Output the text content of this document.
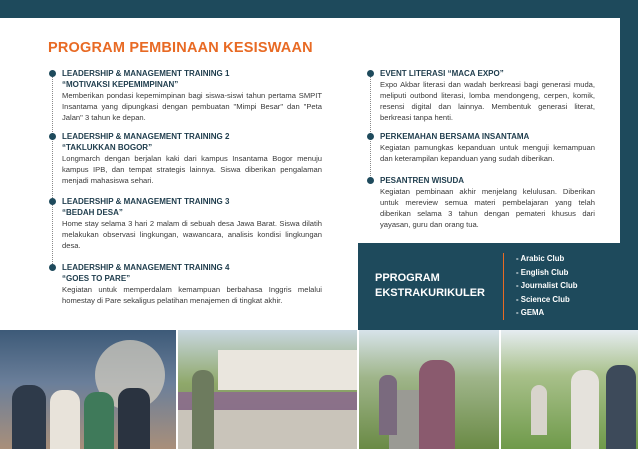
PROGRAM PEMBINAAN KESISWAAN

LEADERSHIP & MANAGEMENT TRAINING 1

“MOTIVAKSI KEPEMIMPINAN”

Memberikan pondasi kepemimpinan bagi siswa-siswi tahun pertama SMPIT Insantama yang dipungkasi dengan pembuatan "Mimpi Besar" dan "Peta Jalan" 3 tahun ke depan.

LEADERSHIP & MANAGEMENT TRAINING 2

“TAKLUKKAN BOGOR”

Longmarch dengan berjalan kaki dari kampus Insantama Bogor menuju kampus IPB, dan tempat strategis lainnya. Siswa diberikan pengalaman menjadi mahasiswa sehari.

LEADERSHIP & MANAGEMENT TRAINING 3

“BEDAH DESA”

Home stay selama 3 hari 2 malam di sebuah desa Jawa Barat. Siswa dilatih melakukan observasi lingkungan, wawancara, analisis kondisi lingkungan desa.

LEADERSHIP & MANAGEMENT TRAINING 4

“GOES TO PARE”

Kegiatan untuk memperdalam kemampuan berbahasa Inggris melalui homestay di Pare sekaligus pelatihan menajemen di tingkat akhir.

EVENT LITERASI “MACA EXPO”

Expo Akbar literasi dan wadah berkreasi bagi generasi muda, meliputi outbond literasi, lomba mendongeng, cerpen, komik, resensi digital dan lainnya. Membentuk generasi literat, berkreasi tanpa henti.

PERKEMAHAN BERSAMA INSANTAMA

Kegiatan pamungkas kepanduan untuk menguji kemampuan dan keterampilan kepanduan yang sudah diberikan.

PESANTREN WISUDA

Kegiatan pembinaan akhir menjelang kelulusan. Diberikan untuk mereview semua materi pembelajaran yang telah diberikan selama 3 tahun dengan pemateri khusus dari yayasan, guru dan orang tua.

PPROGRAM
EKSTRAKURIKULER

- Arabic Club
- English Club
- Journalist Club
- Science Club
- GEMA
